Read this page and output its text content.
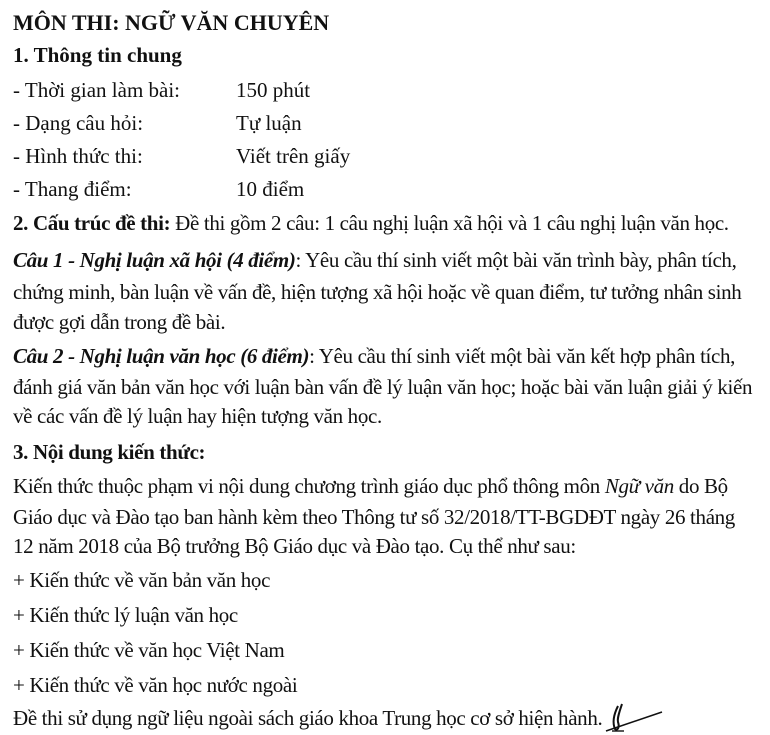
MÔN THI: NGỮ VĂN CHUYÊN
1. Thông tin chung
- Thời gian làm bài:	150 phút
- Dạng câu hỏi:	Tự luận
- Hình thức thi:	Viết trên giấy
- Thang điểm:	10 điểm
2. Cấu trúc đề thi: Đề thi gồm 2 câu: 1 câu nghị luận xã hội và 1 câu nghị luận văn học.
Câu 1 - Nghị luận xã hội (4 điểm): Yêu cầu thí sinh viết một bài văn trình bày, phân tích,
chứng minh, bàn luận về vấn đề, hiện tượng xã hội hoặc về quan điểm, tư tưởng nhân sinh
được gợi dẫn trong đề bài.
Câu 2 - Nghị luận văn học (6 điểm): Yêu cầu thí sinh viết một bài văn kết hợp phân tích,
đánh giá văn bản văn học với luận bàn vấn đề lý luận văn học; hoặc bài văn luận giải ý kiến
về các vấn đề lý luận hay hiện tượng văn học.
3. Nội dung kiến thức:
Kiến thức thuộc phạm vi nội dung chương trình giáo dục phổ thông môn Ngữ văn do Bộ
Giáo dục và Đào tạo ban hành kèm theo Thông tư số 32/2018/TT-BGDĐT ngày 26 tháng
12 năm 2018 của Bộ trưởng Bộ Giáo dục và Đào tạo. Cụ thể như sau:
+ Kiến thức về văn bản văn học
+ Kiến thức lý luận văn học
+ Kiến thức về văn học Việt Nam
+ Kiến thức về văn học nước ngoài
Đề thi sử dụng ngữ liệu ngoài sách giáo khoa Trung học cơ sở hiện hành.
